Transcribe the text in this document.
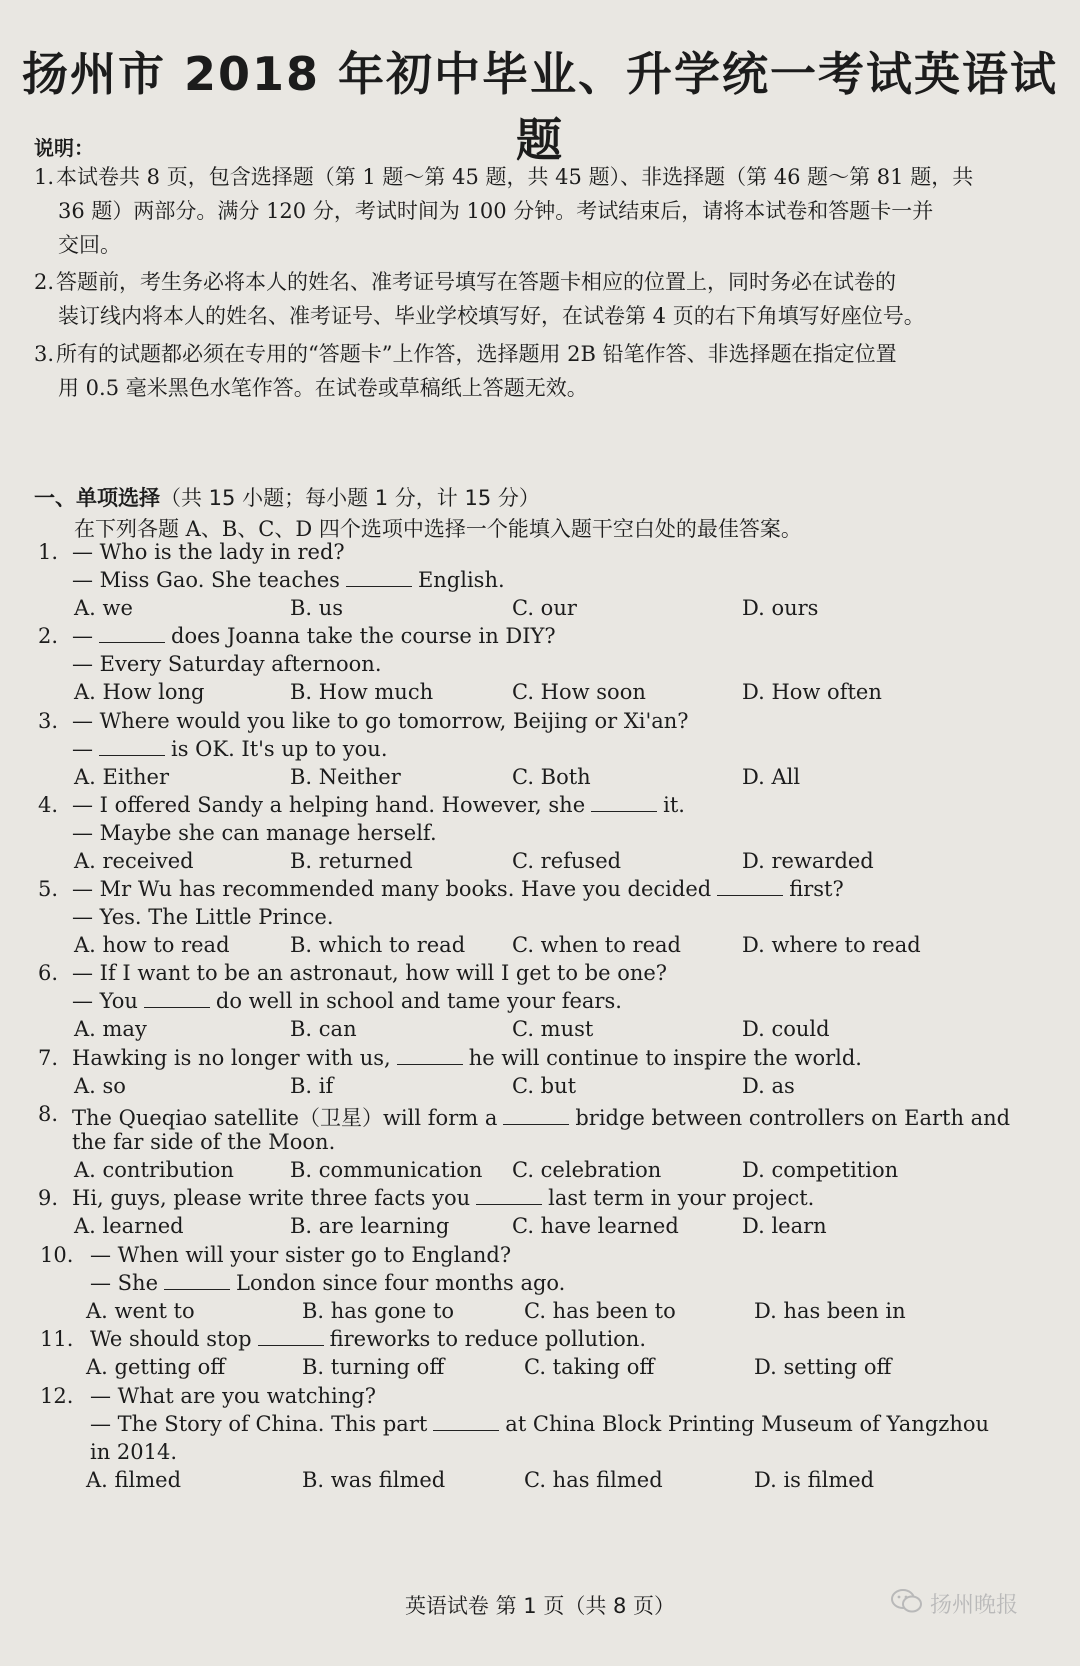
扬州市 2018 年初中毕业、升学统一考试英语试题
说明：
1.本试卷共 8 页，包含选择题（第 1 题～第 45 题，共 45 题）、非选择题（第 46 题～第 81 题，共
36 题）两部分。满分 120 分，考试时间为 100 分钟。考试结束后，请将本试卷和答题卡一并
交回。
2.答题前，考生务必将本人的姓名、准考证号填写在答题卡相应的位置上，同时务必在试卷的
装订线内将本人的姓名、准考证号、毕业学校填写好，在试卷第 4 页的右下角填写好座位号。
3.所有的试题都必须在专用的“答题卡”上作答，选择题用 2B 铅笔作答、非选择题在指定位置
用 0.5 毫米黑色水笔作答。在试卷或草稿纸上答题无效。
一、单项选择（共 15 小题；每小题 1 分，计 15 分）
在下列各题 A、B、C、D 四个选项中选择一个能填入题干空白处的最佳答案。
1. — Who is the lady in red?
— Miss Gao. She teaches	English.
A. we	B. us	C. our	D. ours
2. —	does Joanna take the course in DIY?
— Every Saturday afternoon.
A. How long	B. How much	C. How soon	D. How often
3. — Where would you like to go tomorrow, Beijing or Xi'an?
—	is OK. It's up to you.
A. Either	B. Neither	C. Both	D. All
4. — I offered Sandy a helping hand. However, she	it.
— Maybe she can manage herself.
A. received	B. returned	C. refused	D. rewarded
5. — Mr Wu has recommended many books. Have you decided	first?
— Yes. The Little Prince.
A. how to read	B. which to read C. when to read	D. where to read
6. — If I want to be an astronaut, how will I get to be one?
— You	do well in school and tame your fears.
A. may	B. can	C. must	D. could
7. Hawking is no longer with us,	he will continue to inspire the world.
A. so	B. if	C. but	D. as
8. The Queqiao satellite（卫星）will form a	bridge between controllers on Earth and
the far side of the Moon.
A. contribution	B. communication C. celebration	D. competition
9. Hi, guys, please write three facts you	last term in your project.
A. learned	B. are learning	C. have learned	D. learn
10. — When will your sister go to England?
— She	London since four months ago.
A. went to	B. has gone to	C. has been to	D. has been in
11. We should stop	fireworks to reduce pollution.
A. getting off	B. turning off	C. taking off	D. setting off
12. — What are you watching?
— The Story of China. This part	at China Block Printing Museum of Yangzhou
in 2014.
A. filmed	B. was filmed	C. has filmed	D. is filmed
英语试卷 第 1 页（共 8 页）	扬州晚报
